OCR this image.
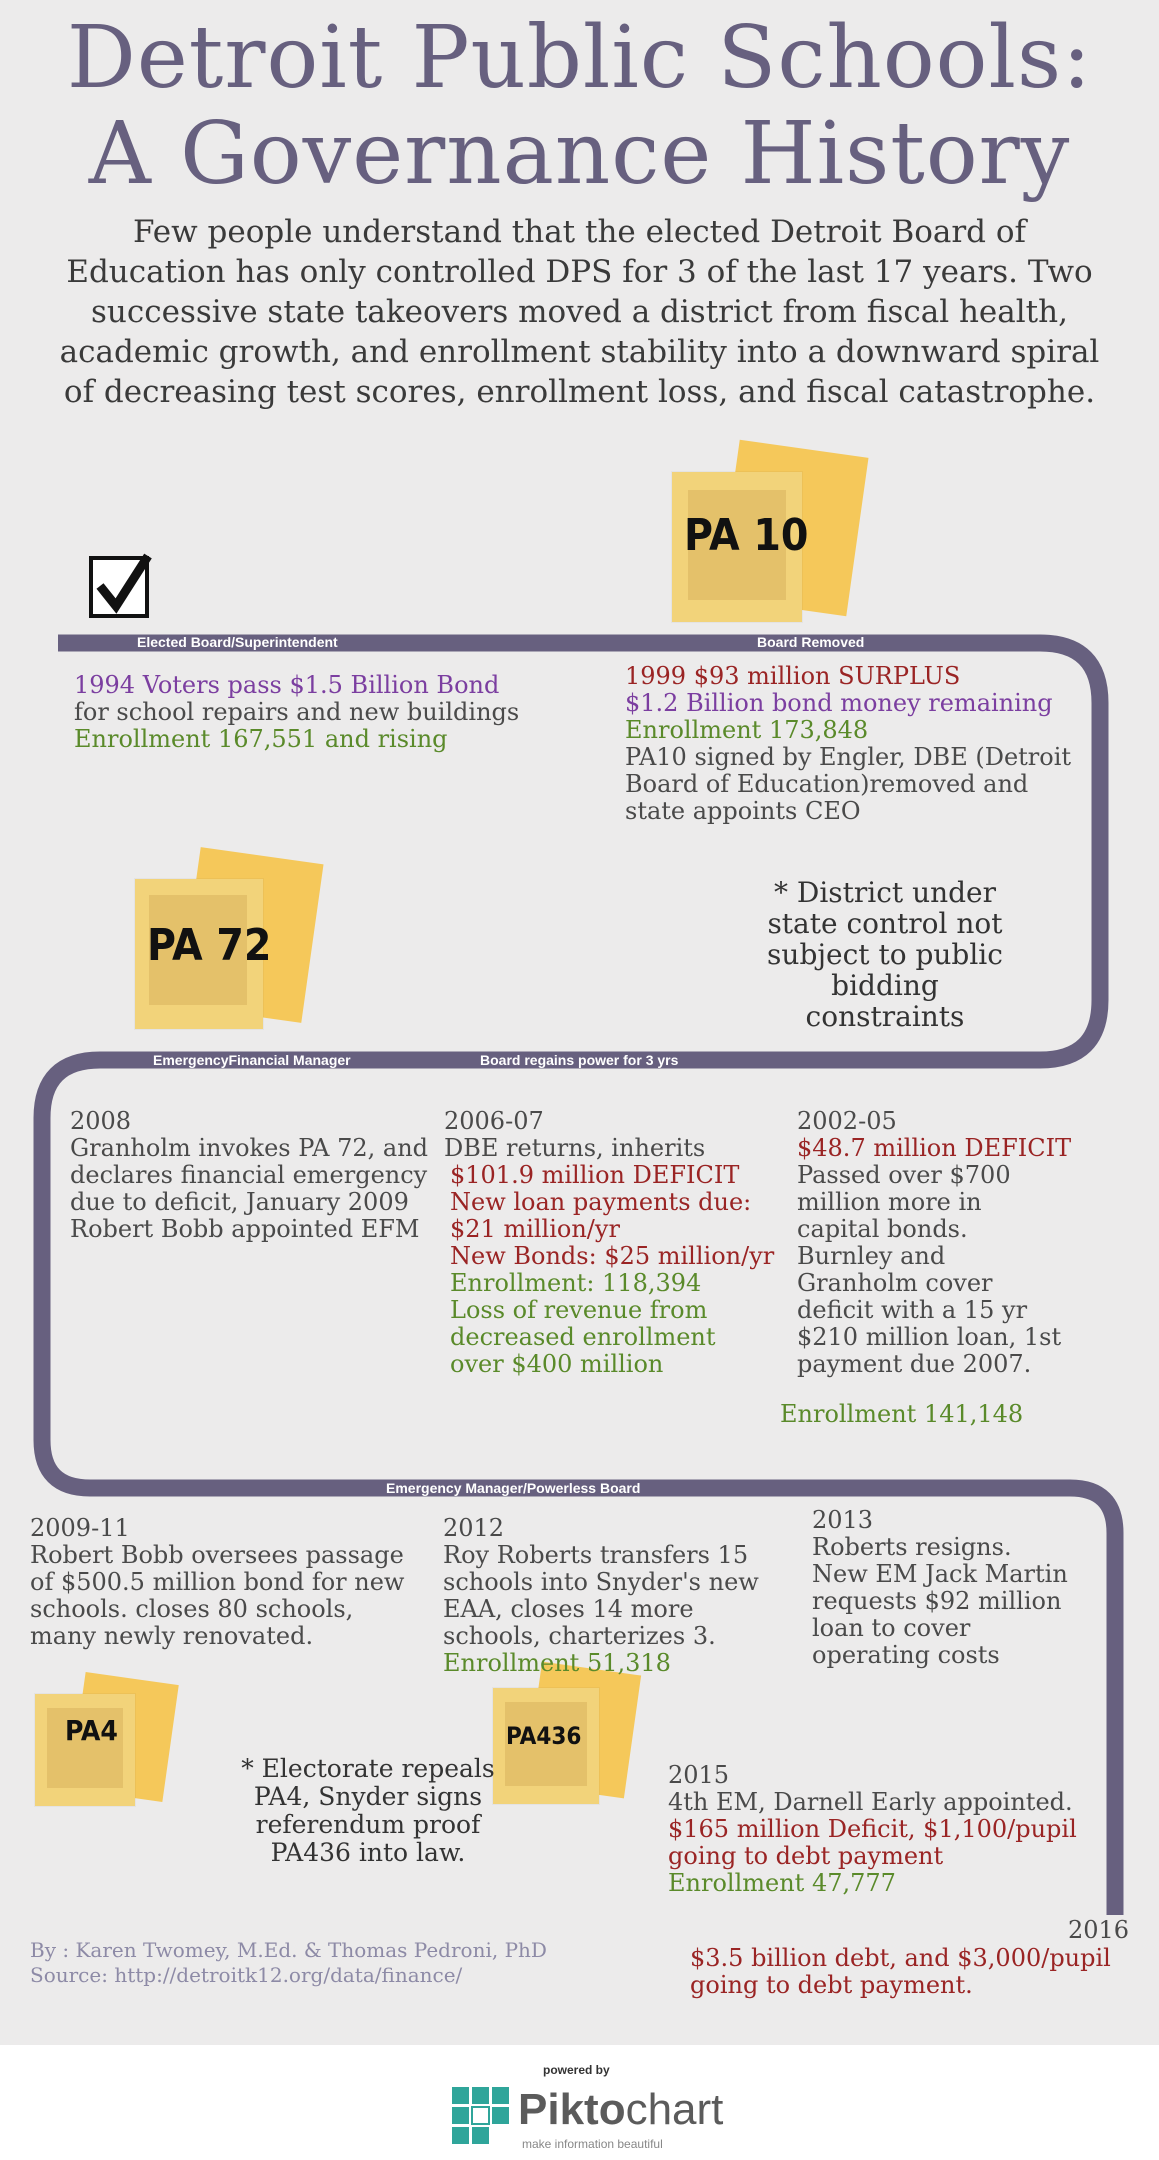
Detroit Public Schools:
A Governance History
Few people understand that the elected Detroit Board of
Education has only controlled DPS for 3 of the last 17 years. Two
successive state takeovers moved a district from fiscal health,
academic growth, and enrollment stability into a downward spiral
of decreasing test scores, enrollment loss, and fiscal catastrophe.
Elected Board/Superintendent	Board Removed
EmergencyFinancial Manager	Board regains power for 3 yrs
Emergency Manager/Powerless Board
PA 10
PA 72
PA4	PA436
1994 Voters pass $1.5 Billion Bond
for school repairs and new buildings
Enrollment 167,551 and rising
1999 $93 million SURPLUS
$1.2 Billion bond money remaining
Enrollment 173,848
PA10 signed by Engler, DBE (Detroit
Board of Education)removed and
state appoints CEO
* District under
state control not
subject to public
bidding
constraints
2008
Granholm invokes PA 72, and
declares financial emergency
due to deficit, January 2009
Robert Bobb appointed EFM
2006-07
DBE returns, inherits
$101.9 million DEFICIT
New loan payments due:
$21 million/yr
New Bonds: $25 million/yr
Enrollment: 118,394
Loss of revenue from
decreased enrollment
over $400 million
2002-05
$48.7 million DEFICIT
Passed over $700
million more in
capital bonds.
Burnley and
Granholm cover
deficit with a 15 yr
$210 million loan, 1st
payment due 2007.
Enrollment 141,148
2009-11
Robert Bobb oversees passage
of $500.5 million bond for new
schools. closes 80 schools,
many newly renovated.
2012
Roy Roberts transfers 15
schools into Snyder's new
EAA, closes 14 more
schools, charterizes 3.
Enrollment 51,318
2013
Roberts resigns.
New EM Jack Martin
requests $92 million
loan to cover
operating costs
* Electorate repeals
PA4, Snyder signs
referendum proof
PA436 into law.
2015
4th EM, Darnell Early appointed.
$165 million Deficit, $1,100/pupil
going to debt payment
Enrollment 47,777
2016
$3.5 billion debt, and $3,000/pupil
going to debt payment.
By : Karen Twomey, M.Ed. & Thomas Pedroni, PhD
Source: http://detroitk12.org/data/finance/
powered by
Piktochart
make information beautiful
